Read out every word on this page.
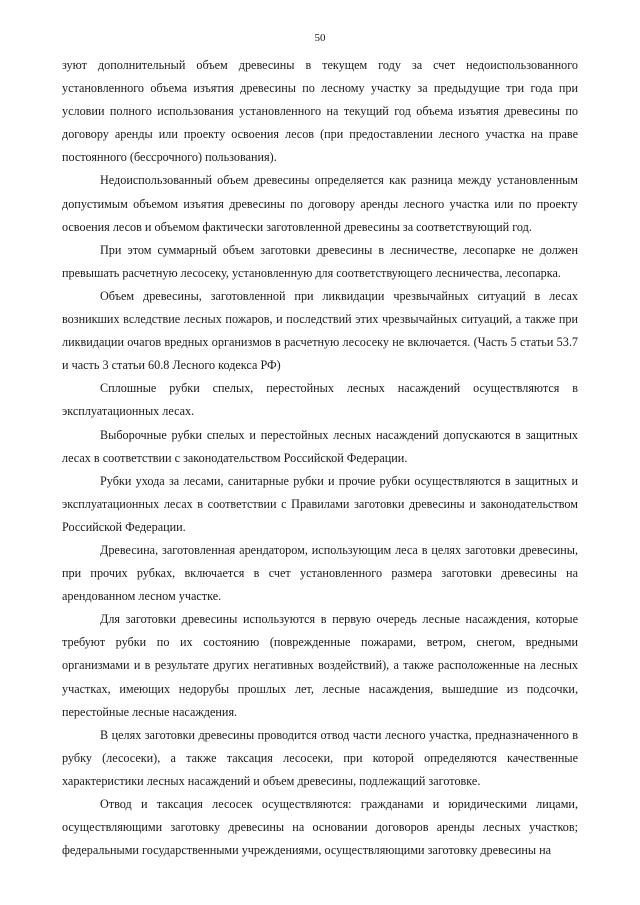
50

зуют дополнительный объем древесины в текущем году за счет недоиспользованного установленного объема изъятия древесины по лесному участку за предыдущие три года при условии полного использования установленного на текущий год объема изъятия древесины по договору аренды или проекту освоения лесов (при предоставлении лесного участка на праве постоянного (бессрочного) пользования).

Недоиспользованный объем древесины определяется как разница между установленным допустимым объемом изъятия древесины по договору аренды лесного участка или по проекту освоения лесов и объемом фактически заготовленной древесины за соответствующий год.

При этом суммарный объем заготовки древесины в лесничестве, лесопарке не должен превышать расчетную лесосеку, установленную для соответствующего лесничества, лесопарка.

Объем древесины, заготовленной при ликвидации чрезвычайных ситуаций в лесах возникших вследствие лесных пожаров, и последствий этих чрезвычайных ситуаций, а также при ликвидации очагов вредных организмов в расчетную лесосеку не включается. (Часть 5 статьи 53.7 и часть 3 статьи 60.8 Лесного кодекса РФ)

Сплошные рубки спелых, перестойных лесных насаждений осуществляются в эксплуатационных лесах.

Выборочные рубки спелых и перестойных лесных насаждений допускаются в защитных лесах в соответствии с законодательством Российской Федерации.

Рубки ухода за лесами, санитарные рубки и прочие рубки осуществляются в защитных и эксплуатационных лесах в соответствии с Правилами заготовки древесины и законодательством Российской Федерации.

Древесина, заготовленная арендатором, использующим леса в целях заготовки древесины, при прочих рубках, включается в счет установленного размера заготовки древесины на арендованном лесном участке.

Для заготовки древесины используются в первую очередь лесные насаждения, которые требуют рубки по их состоянию (поврежденные пожарами, ветром, снегом, вредными организмами и в результате других негативных воздействий), а также расположенные на лесных участках, имеющих недорубы прошлых лет, лесные насаждения, вышедшие из подсочки, перестойные лесные насаждения.

В целях заготовки древесины проводится отвод части лесного участка, предназначенного в рубку (лесосеки), а также таксация лесосеки, при которой определяются качественные характеристики лесных насаждений и объем древесины, подлежащий заготовке.

Отвод и таксация лесосек осуществляются: гражданами и юридическими лицами, осуществляющими заготовку древесины на основании договоров аренды лесных участков; федеральными государственными учреждениями, осуществляющими заготовку древесины на
